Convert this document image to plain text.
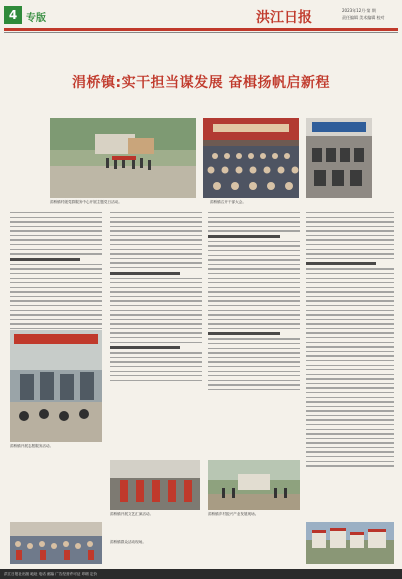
4 专版	洪江日报	2023年12月·第 期
责任编辑 美术编辑 校对
涓桥镇:实干担当谋发展 奋楫扬帆启新程
涓桥镇村级党群服务中心开展主题党日活动。	涓桥镇召开干部大会。
涓桥镇开展志愿服务活动。
涓桥镇开展文艺汇演活动。	涓桥镇乡村振兴产业发展现场。
涓桥镇群众活动现场。
洪江日报社出版 地址 电话 邮编 广告经营许可证 印刷 定价
